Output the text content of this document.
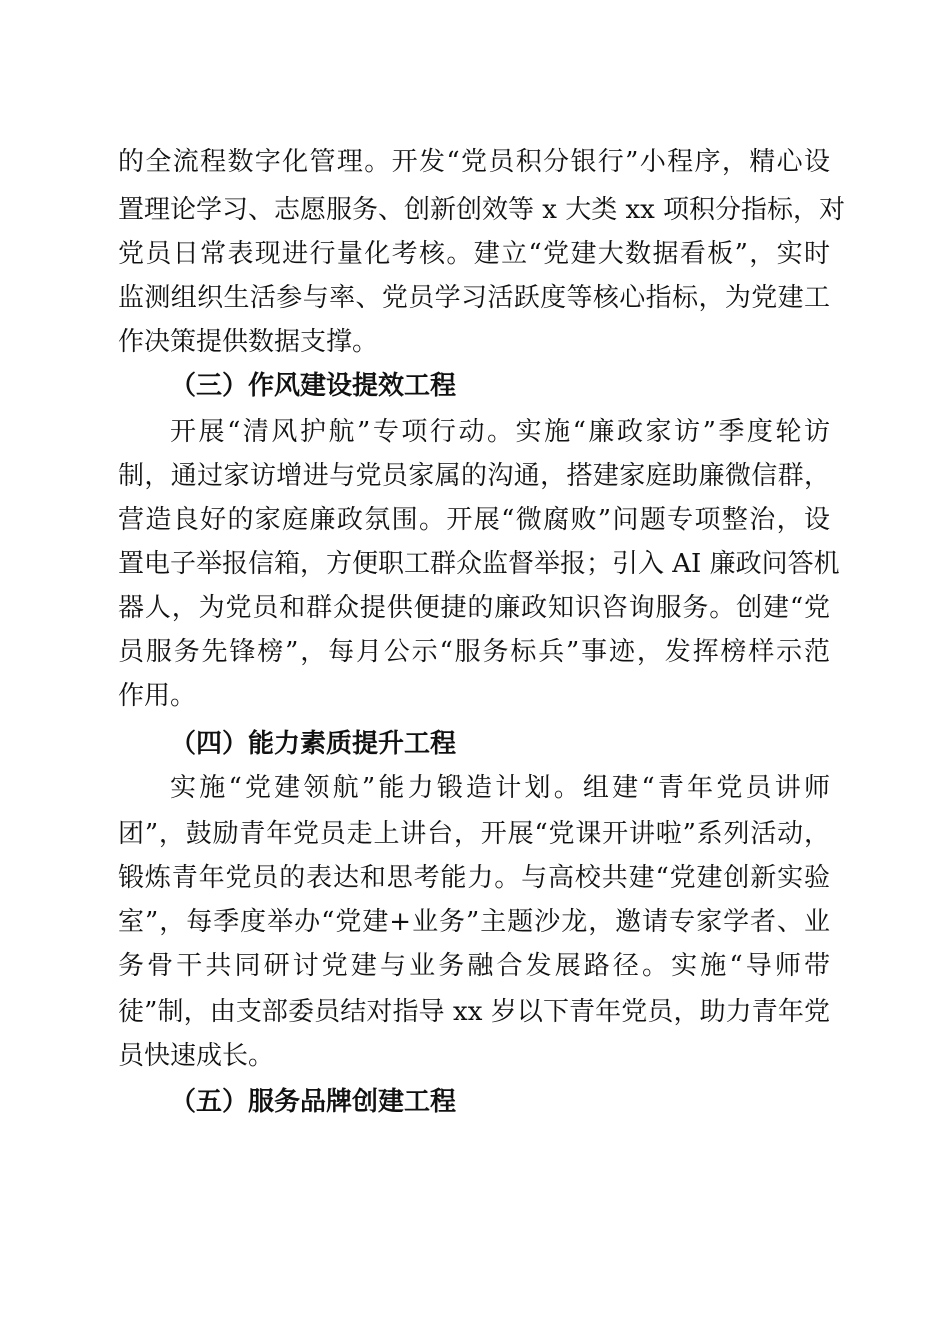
的全流程数字化管理。开发“党员积分银行”小程序，精心设

置理论学习、志愿服务、创新创效等 x 大类 xx 项积分指标，对

党员日常表现进行量化考核。建立“党建大数据看板”，实时

监测组织生活参与率、党员学习活跃度等核心指标，为党建工

作决策提供数据支撑。

（三）作风建设提效工程

开展“清风护航”专项行动。实施“廉政家访”季度轮访

制，通过家访增进与党员家属的沟通，搭建家庭助廉微信群，

营造良好的家庭廉政氛围。开展“微腐败”问题专项整治，设

置电子举报信箱，方便职工群众监督举报；引入 AI 廉政问答机

器人，为党员和群众提供便捷的廉政知识咨询服务。创建“党

员服务先锋榜”，每月公示“服务标兵”事迹，发挥榜样示范

作用。

（四）能力素质提升工程

实施“党建领航”能力锻造计划。组建“青年党员讲师

团”，鼓励青年党员走上讲台，开展“党课开讲啦”系列活动，

锻炼青年党员的表达和思考能力。与高校共建“党建创新实验

室”，每季度举办“党建+业务”主题沙龙，邀请专家学者、业

务骨干共同研讨党建与业务融合发展路径。实施“导师带

徒”制，由支部委员结对指导 xx 岁以下青年党员，助力青年党

员快速成长。

（五）服务品牌创建工程
